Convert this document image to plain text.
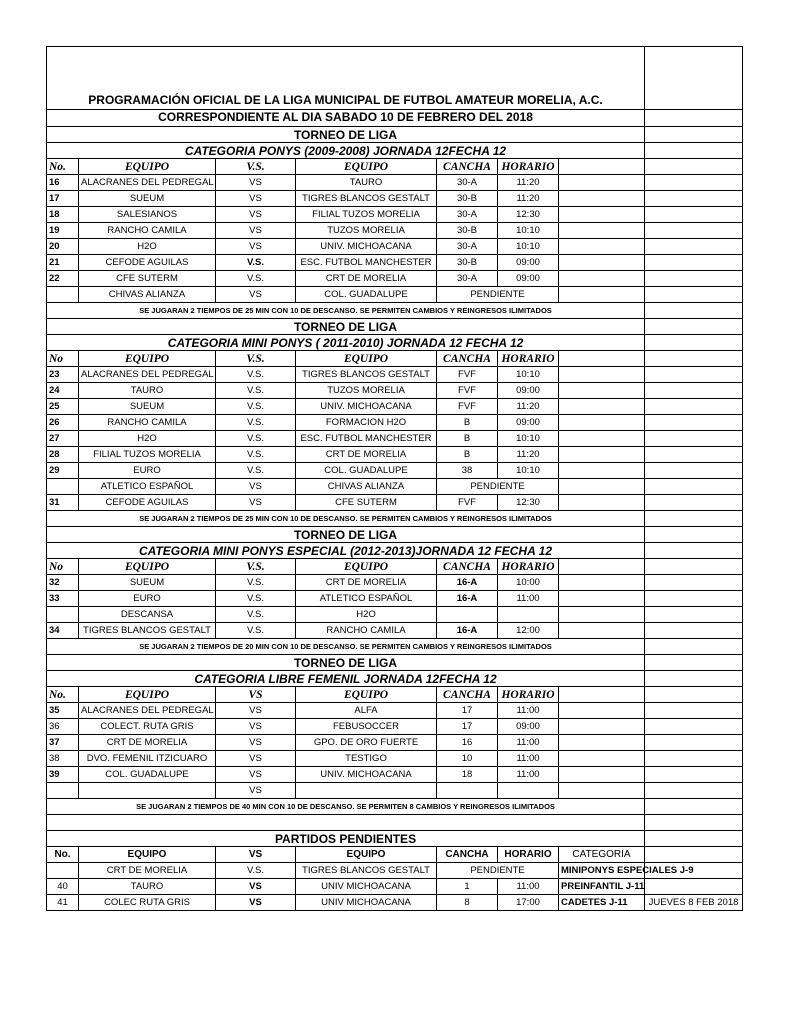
PROGRAMACIÓN OFICIAL DE LA LIGA MUNICIPAL DE FUTBOL AMATEUR MORELIA, A.C.							
CORRESPONDIENTE AL DIA SABADO 10 DE FEBRERO DEL 2018							
TORNEO DE LIGA							
CATEGORIA PONYS (2009-2008) JORNADA 12FECHA 12							
No.	EQUIPO	V.S.	EQUIPO	CANCHA	HORARIO		
16	ALACRANES DEL PEDREGAL	VS	TAURO	30-A	11:20		
17	SUEUM	VS	TIGRES BLANCOS GESTALT	30-B	11:20		
18	SALESIANOS	VS	FILIAL TUZOS MORELIA	30-A	12:30		
19	RANCHO CAMILA	VS	TUZOS MORELIA	30-B	10:10		
20	H2O	VS	UNIV. MICHOACANA	30-A	10:10		
21	CEFODE AGUILAS	V.S.	ESC. FUTBOL MANCHESTER	30-B	09:00		
22	CFE SUTERM	V.S.	CRT DE MORELIA	30-A	09:00		
	CHIVAS ALIANZA	VS	COL. GUADALUPE	PENDIENTE			
SE JUGARAN 2 TIEMPOS DE 25 MIN CON 10 DE DESCANSO. SE PERMITEN CAMBIOS Y REINGRESOS ILIMITADOS							
TORNEO DE LIGA							
CATEGORIA MINI PONYS ( 2011-2010) JORNADA 12 FECHA 12							
No	EQUIPO	V.S.	EQUIPO	CANCHA	HORARIO		
23	ALACRANES DEL PEDREGAL	V.S.	TIGRES BLANCOS GESTALT	FVF	10:10		
24	TAURO	V.S.	TUZOS MORELIA	FVF	09:00		
25	SUEUM	V.S.	UNIV. MICHOACANA	FVF	11:20		
26	RANCHO CAMILA	V.S.	FORMACION H2O	B	09:00		
27	H2O	V.S.	ESC. FUTBOL MANCHESTER	B	10:10		
28	FILIAL TUZOS MORELIA	V.S.	CRT DE MORELIA	B	11:20		
29	EURO	V.S.	COL. GUADALUPE	38	10:10		
	ATLETICO ESPAÑOL	VS	CHIVAS ALIANZA	PENDIENTE			
31	CEFODE AGUILAS	VS	CFE SUTERM	FVF	12:30		
SE JUGARAN 2 TIEMPOS DE 25 MIN CON 10 DE DESCANSO. SE PERMITEN CAMBIOS Y REINGRESOS ILIMITADOS							
TORNEO DE LIGA							
CATEGORIA MINI PONYS ESPECIAL (2012-2013)JORNADA 12 FECHA 12							
No	EQUIPO	V.S.	EQUIPO	CANCHA	HORARIO		
32	SUEUM	V.S.	CRT DE MORELIA	16-A	10:00		
33	EURO	V.S.	ATLETICO ESPAÑOL	16-A	11:00		
	DESCANSA	V.S.	H2O				
34	TIGRES BLANCOS GESTALT	V.S.	RANCHO CAMILA	16-A	12:00		
SE JUGARAN 2 TIEMPOS DE 20 MIN CON 10 DE DESCANSO. SE PERMITEN CAMBIOS Y REINGRESOS ILIMITADOS							
TORNEO DE LIGA							
CATEGORIA LIBRE FEMENIL JORNADA 12FECHA 12							
No.	EQUIPO	VS	EQUIPO	CANCHA	HORARIO		
35	ALACRANES DEL PEDREGAL	VS	ALFA	17	11:00		
36	COLECT. RUTA GRIS	VS	FEBUSOCCER	17	09:00		
37	CRT DE MORELIA	VS	GPO. DE ORO FUERTE	16	11:00		
38	DVO. FEMENIL ITZICUARO	VS	TESTIGO	10	11:00		
39	COL. GUADALUPE	VS	UNIV. MICHOACANA	18	11:00		
		VS					
SE JUGARAN 2 TIEMPOS DE 40 MIN CON 10 DE DESCANSO. SE PERMITEN 8 CAMBIOS Y REINGRESOS ILIMITADOS							

PARTIDOS PENDIENTES							
No.	EQUIPO	VS	EQUIPO	CANCHA	HORARIO	CATEGORIA	
	CRT DE MORELIA	V.S.	TIGRES BLANCOS GESTALT	PENDIENTE		MINIPONYS ESPECIALES J-9	
40	TAURO	VS	UNIV MICHOACANA	1	11:00	PREINFANTIL J-11	
41	COLEC RUTA GRIS	VS	UNIV MICHOACANA	8	17:00	CADETES J-11	JUEVES 8 FEB 2018
